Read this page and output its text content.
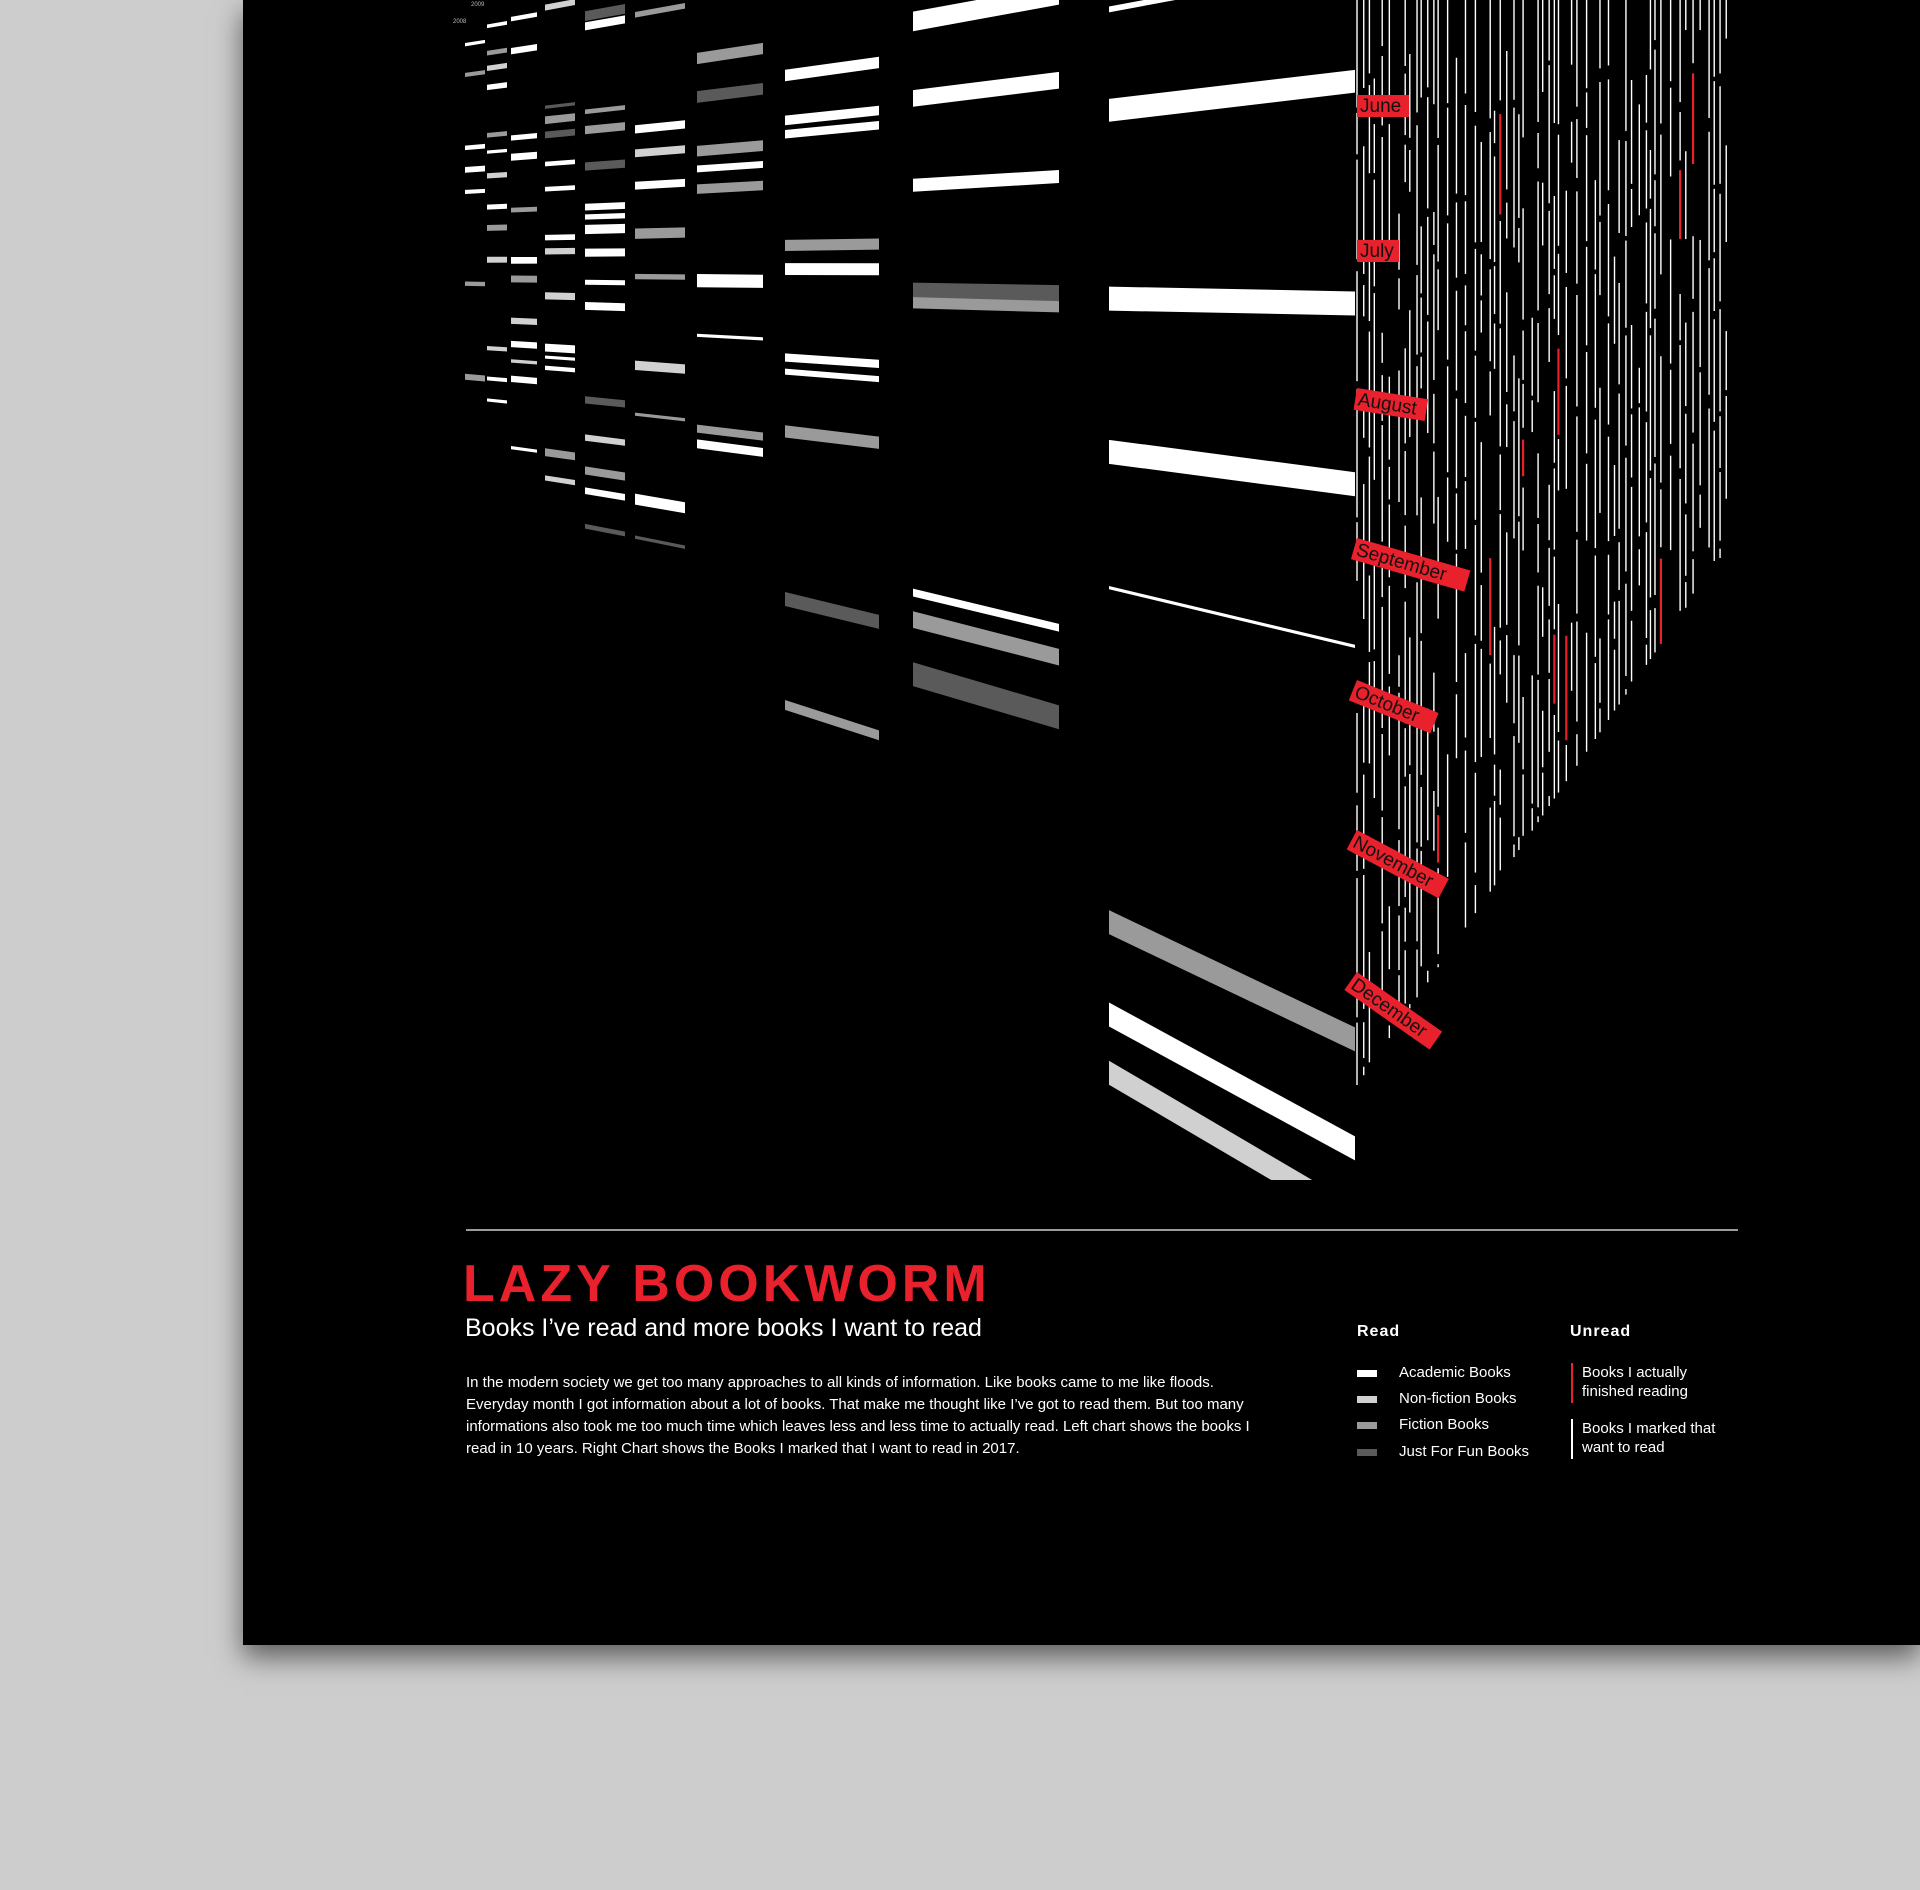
June
July
August
September
October
November
December
2009
2008
LAZY BOOKWORM

Books I’ve read and more books I want to read

In the modern society we get too many approaches to all kinds of information. Like books came to me like floods. Everyday month I got information about a lot of books. That make me thought like I’ve got to read them. But too many informations also took me too much time which leaves less and less time to actually read. Left chart shows the books I read in 10 years. Right Chart shows the Books I marked that I want to read in 2017.

Read
Academic Books
Non-fiction Books
Fiction Books
Just For Fun Books
Unread
Books I actually finished reading
Books I marked that want to read
